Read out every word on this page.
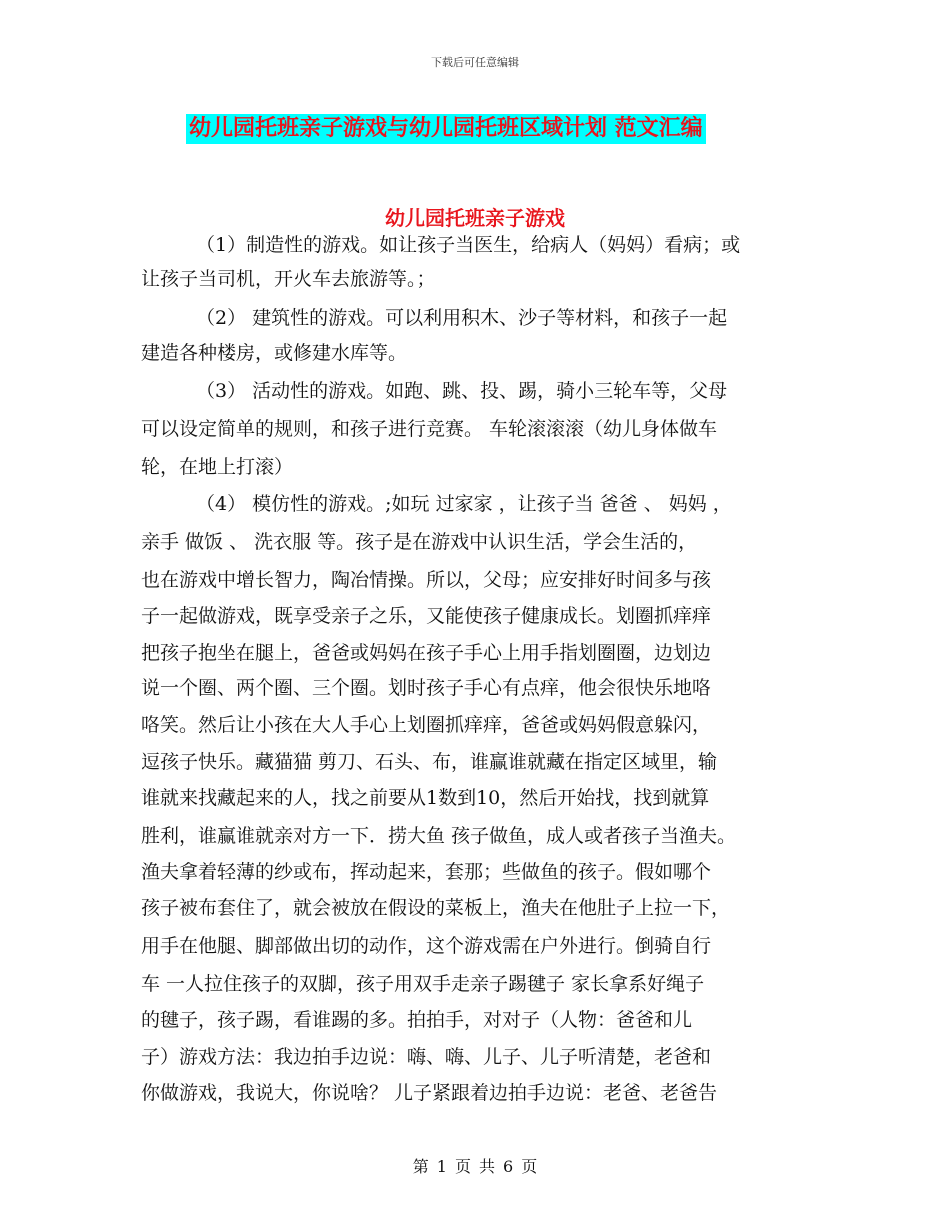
下载后可任意编辑
幼儿园托班亲子游戏与幼儿园托班区域计划 范文汇编
幼儿园托班亲子游戏
（1）制造性的游戏。如让孩子当医生，给病人（妈妈）看病；或
让孩子当司机，开火车去旅游等。；
（2） 建筑性的游戏。可以利用积木、沙子等材料，和孩子一起
建造各种楼房，或修建水库等。
（3） 活动性的游戏。如跑、跳、投、踢，骑小三轮车等，父母
可以设定简单的规则，和孩子进行竞赛。 车轮滚滚滚（幼儿身体做车
轮，在地上打滚）
（4） 模仿性的游戏。;如玩 过家家 ，让孩子当 爸爸 、 妈妈 ，
亲手 做饭 、 洗衣服 等。孩子是在游戏中认识生活，学会生活的，
也在游戏中增长智力，陶冶情操。所以，父母；应安排好时间多与孩
子一起做游戏，既享受亲子之乐，又能使孩子健康成长。划圈抓痒痒
把孩子抱坐在腿上，爸爸或妈妈在孩子手心上用手指划圈圈，边划边
说一个圈、两个圈、三个圈。划时孩子手心有点痒，他会很快乐地咯
咯笑。然后让小孩在大人手心上划圈抓痒痒，爸爸或妈妈假意躲闪，
逗孩子快乐。藏猫猫 剪刀、石头、布，谁赢谁就藏在指定区域里，输
谁就来找藏起来的人，找之前要从1数到10，然后开始找，找到就算
胜利，谁赢谁就亲对方一下．捞大鱼 孩子做鱼，成人或者孩子当渔夫。
渔夫拿着轻薄的纱或布，挥动起来，套那；些做鱼的孩子。假如哪个
孩子被布套住了，就会被放在假设的菜板上，渔夫在他肚子上拉一下，
用手在他腿、脚部做出切的动作，这个游戏需在户外进行。倒骑自行
车 一人拉住孩子的双脚，孩子用双手走亲子踢毽子 家长拿系好绳子
的毽子，孩子踢，看谁踢的多。拍拍手，对对子（人物：爸爸和儿
子）游戏方法：我边拍手边说：嗨、嗨、儿子、儿子听清楚，老爸和
你做游戏，我说大，你说啥？ 儿子紧跟着边拍手边说：老爸、老爸告
第 1 页 共 6 页
